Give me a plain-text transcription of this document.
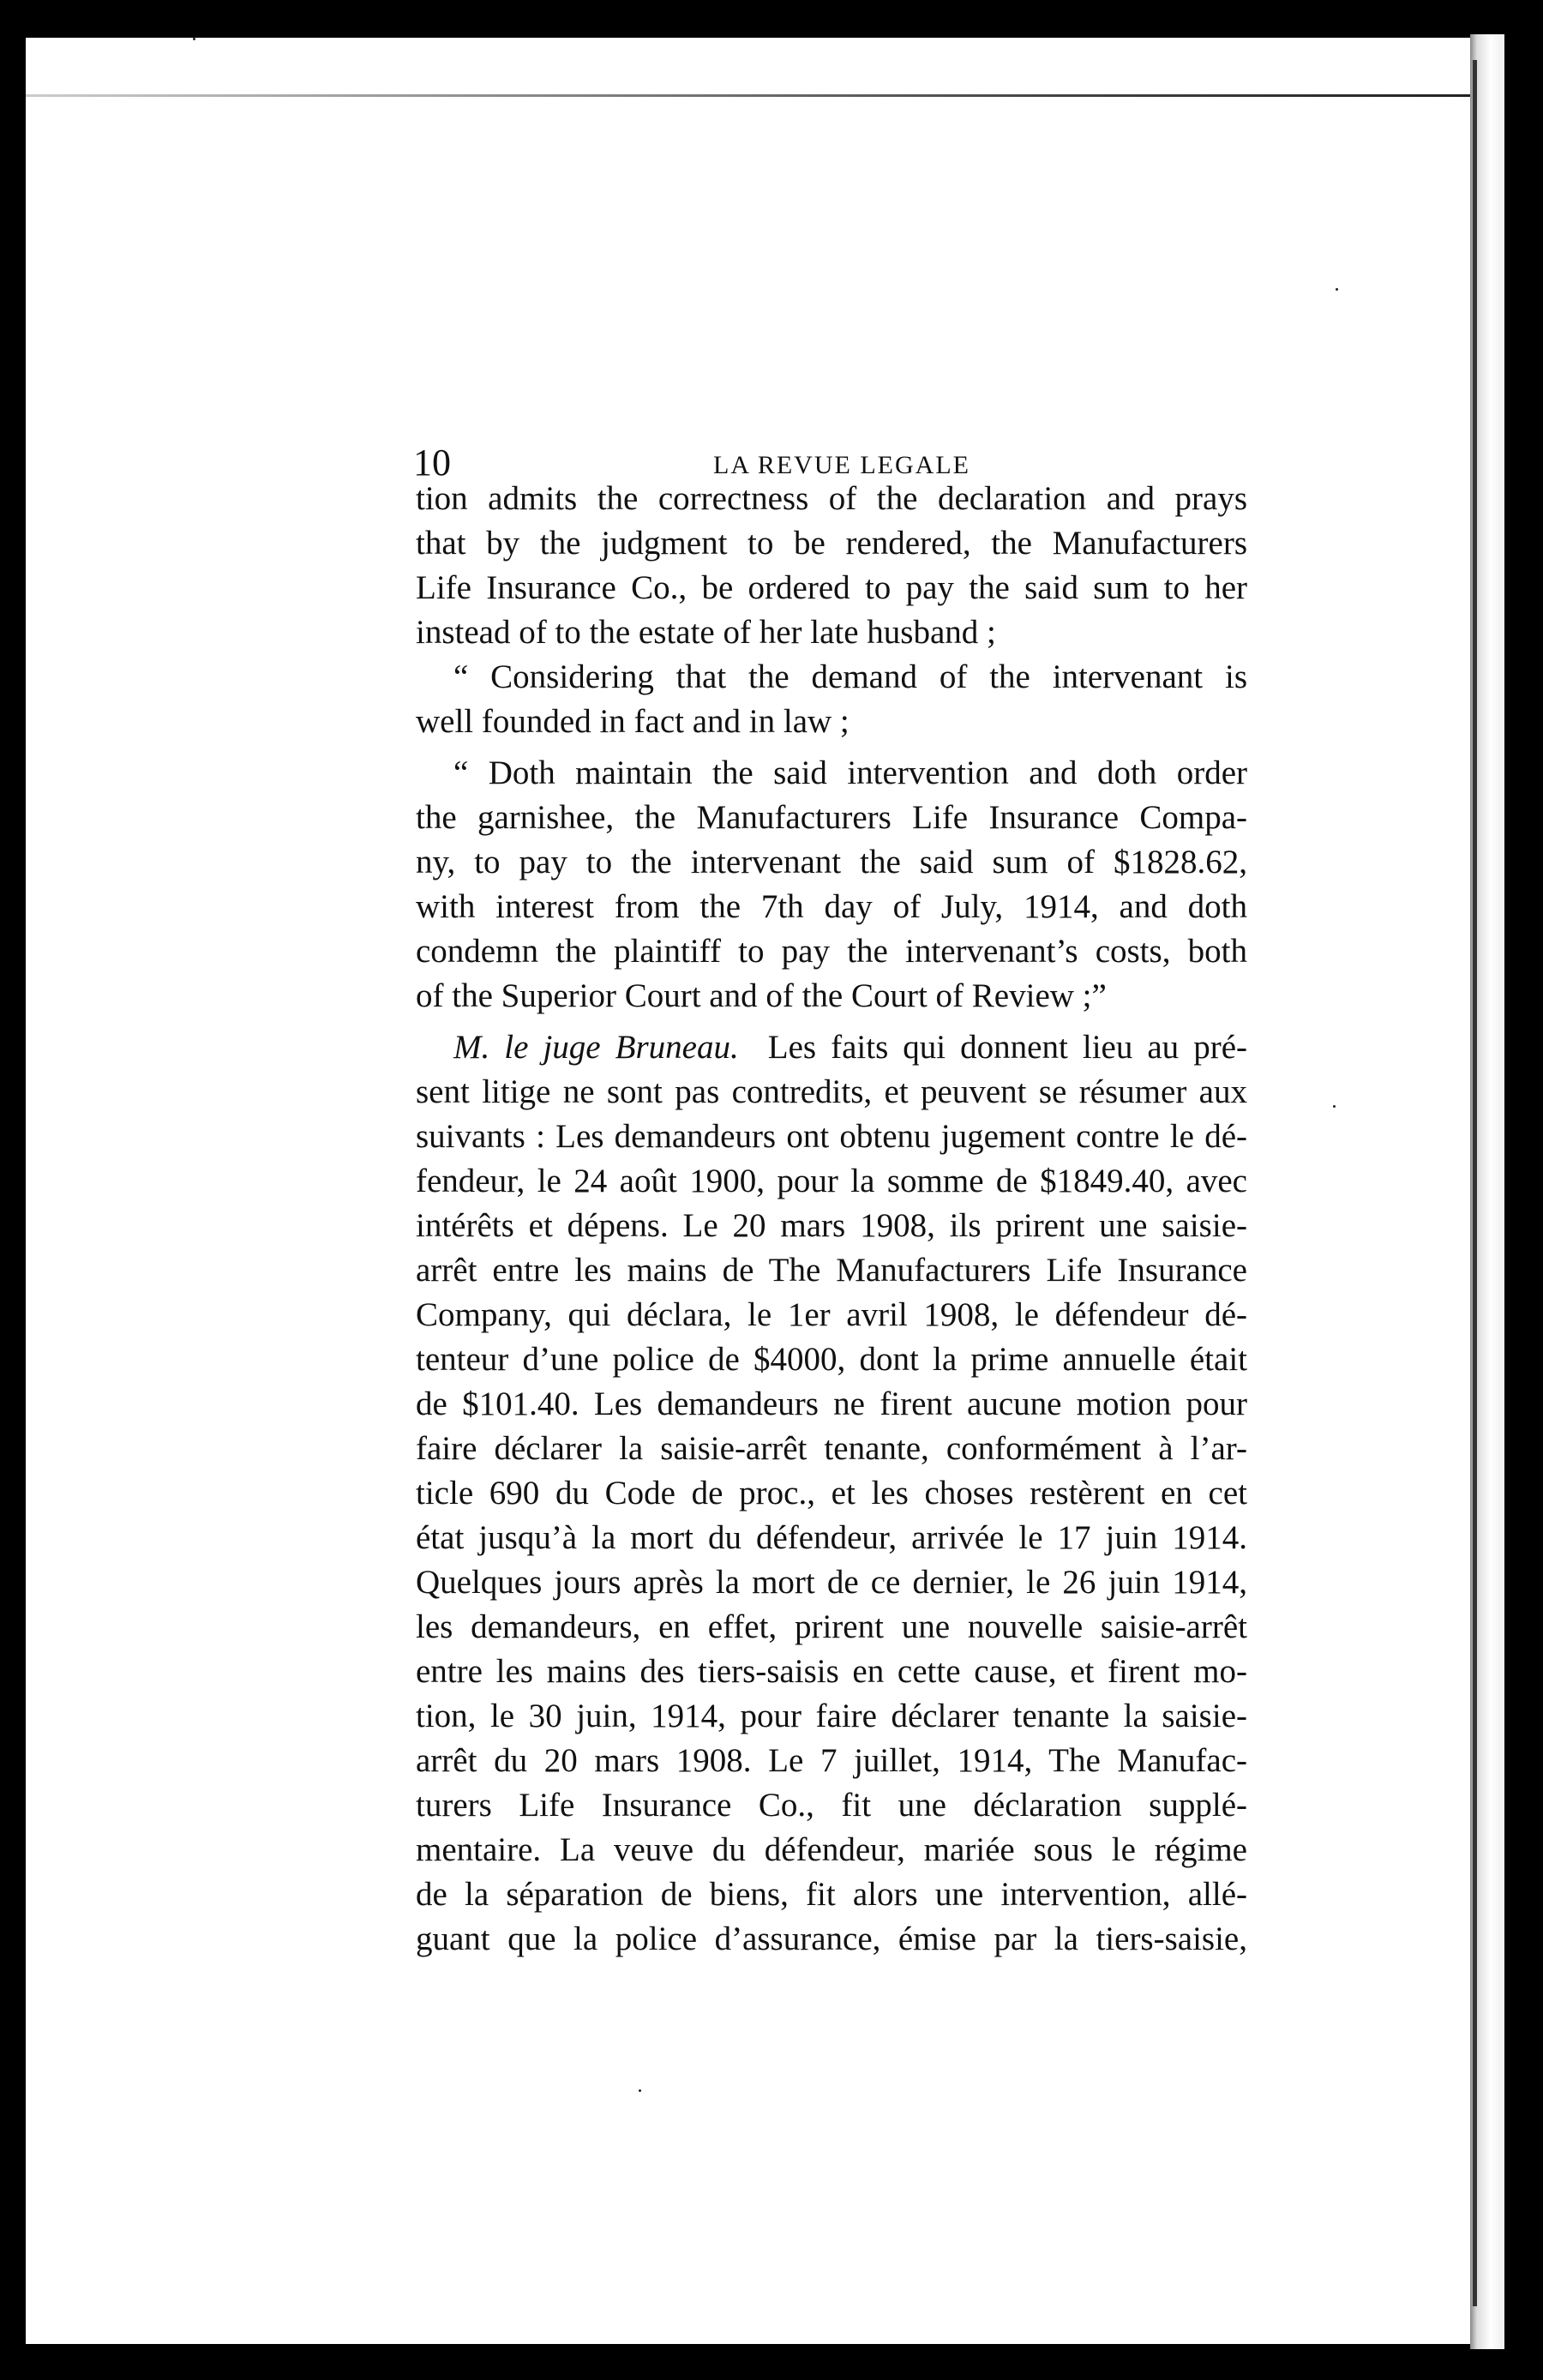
10	LA REVUE LEGALE

tion admits the correctness of the declaration and prays
that by the judgment to be rendered, the Manufacturers
Life Insurance Co., be ordered to pay the said sum to her
instead of to the estate of her late husband ;

“ Considering that the demand of the intervenant is
well founded in fact and in law ;

“ Doth maintain the said intervention and doth order
the garnishee, the Manufacturers Life Insurance Compa-
ny, to pay to the intervenant the said sum of $1828.62,
with interest from the 7th day of July, 1914, and doth
condemn the plaintiff to pay the intervenant’s costs, both
of the Superior Court and of the Court of Review ;”

M. le juge Bruneau. Les faits qui donnent lieu au pré-
sent litige ne sont pas contredits, et peuvent se résumer aux
suivants : Les demandeurs ont obtenu jugement contre le dé-
fendeur, le 24 août 1900, pour la somme de $1849.40, avec
intérêts et dépens. Le 20 mars 1908, ils prirent une saisie-
arrêt entre les mains de The Manufacturers Life Insurance
Company, qui déclara, le 1er avril 1908, le défendeur dé-
tenteur d’une police de $4000, dont la prime annuelle était
de $101.40. Les demandeurs ne firent aucune motion pour
faire déclarer la saisie-arrêt tenante, conformément à l’ar-
ticle 690 du Code de proc., et les choses restèrent en cet
état jusqu’à la mort du défendeur, arrivée le 17 juin 1914.
Quelques jours après la mort de ce dernier, le 26 juin 1914,
les demandeurs, en effet, prirent une nouvelle saisie-arrêt
entre les mains des tiers-saisis en cette cause, et firent mo-
tion, le 30 juin, 1914, pour faire déclarer tenante la saisie-
arrêt du 20 mars 1908. Le 7 juillet, 1914, The Manufac-
turers Life Insurance Co., fit une déclaration supplé-
mentaire. La veuve du défendeur, mariée sous le régime
de la séparation de biens, fit alors une intervention, allé-
guant que la police d’assurance, émise par la tiers-saisie,
